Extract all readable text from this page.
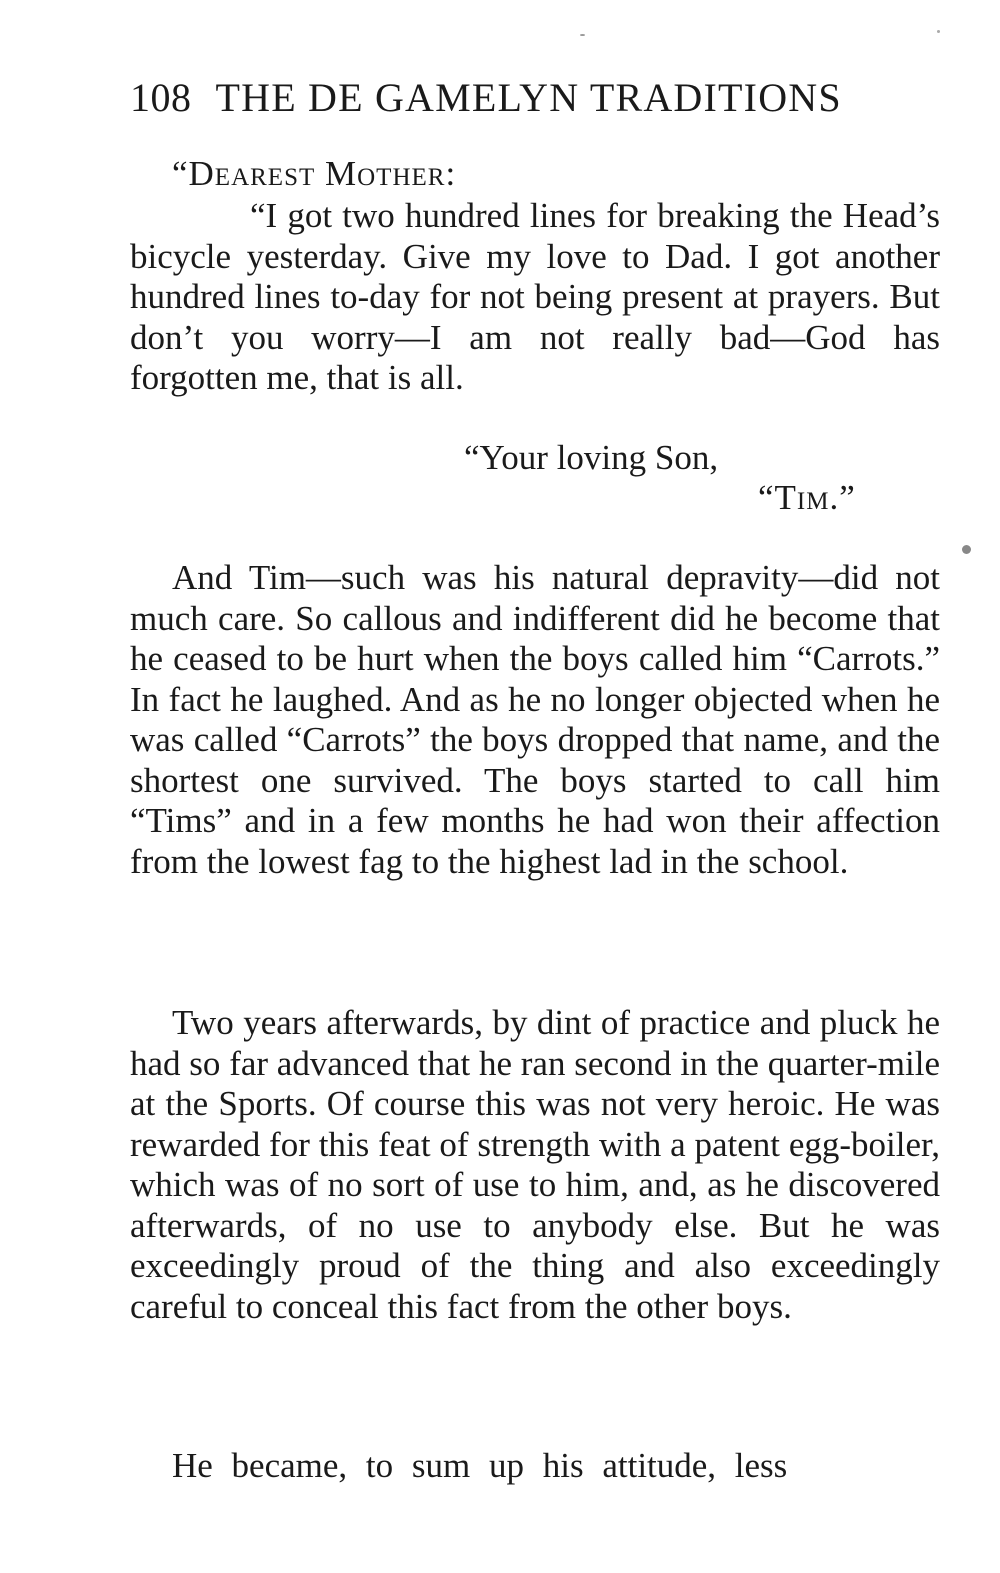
108 THE DE GAMELYN TRADITIONS
“Dearest Mother:

“I got two hundred lines for breaking the Head’s bicycle yesterday. Give my love to Dad. I got another hundred lines to-day for not being present at prayers. But don’t you worry—I am not really bad—God has forgotten me, that is all.

“Your loving Son,
“Tim.”

And Tim—such was his natural depravity—did not much care. So callous and indifferent did he become that he ceased to be hurt when the boys called him “Carrots.” In fact he laughed. And as he no longer objected when he was called “Carrots” the boys dropped that name, and the shortest one survived. The boys started to call him “Tims” and in a few months he had won their affection from the lowest fag to the highest lad in the school.

Two years afterwards, by dint of practice and pluck he had so far advanced that he ran second in the quarter-mile at the Sports. Of course this was not very heroic. He was rewarded for this feat of strength with a patent egg-boiler, which was of no sort of use to him, and, as he discovered afterwards, of no use to anybody else. But he was exceedingly proud of the thing and also exceedingly careful to conceal this fact from the other boys.

He became, to sum up his attitude, less
